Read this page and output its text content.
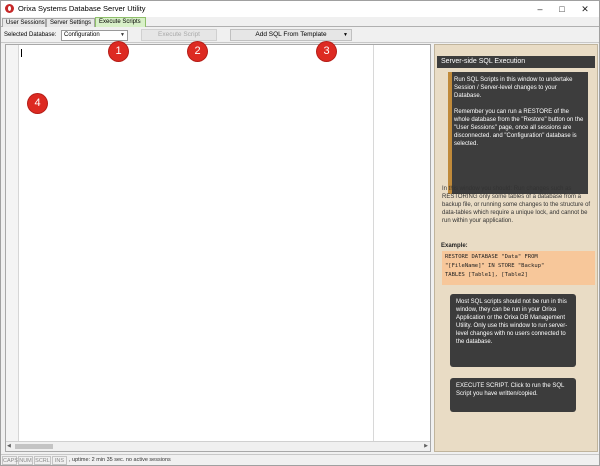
Orixa Systems Database Server Utility	–	□	✕
User Sessions Server Settings	Execute Scripts
Selected Database:	Configuration	▼	Execute Script	Add SQL From Template	▼
◀	▶
Server-side SQL Execution

Run SQL Scripts in this window to undertake Session / Server-level changes to your Database.

Remember you can run a RESTORE of the whole database from the "Restore" button on the "User Sessions" page, once all sessions are disconnected. and "Configuration" database is selected.

In this window you should: Run changes such as RESTORING only some tables of a database from a backup file, or running some changes to the structure of data-tables which require a unique lock, and cannot be run within your application.
Example:
RESTORE DATABASE "Data" FROM
"[FileName]" IN STORE "Backup"
TABLES [Table1], [Table2]
Most SQL scripts should not be run in this window, they can be run in your Orixa Application or the Orixa DB Management Utility. Only use this window to run server-level changes with no users connected to the database.
EXECUTE SCRIPT. Click to run the SQL Script you have written/copied.
CAPS NUM SCRL INS , uptime: 2 min 35 sec. no active sessions
1	2	3
4
